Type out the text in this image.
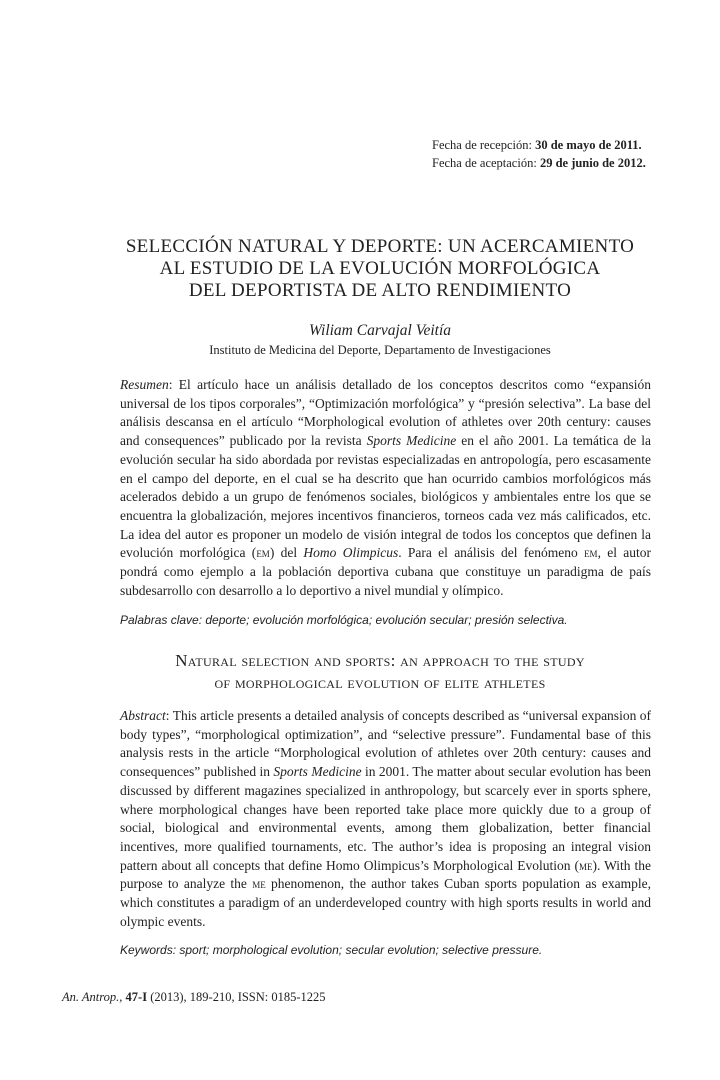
Fecha de recepción: 30 de mayo de 2011.
Fecha de aceptación: 29 de junio de 2012.
SELECCIÓN NATURAL Y DEPORTE: UN ACERCAMIENTO
AL ESTUDIO DE LA EVOLUCIÓN MORFOLÓGICA
DEL DEPORTISTA DE ALTO RENDIMIENTO
Wiliam Carvajal Veitía
Instituto de Medicina del Deporte, Departamento de Investigaciones
Resumen: El artículo hace un análisis detallado de los conceptos descritos como “expansión universal de los tipos corporales”, “Optimización morfológica” y “presión selectiva”. La base del análisis descansa en el artículo “Morphological evolution of athletes over 20th century: causes and consequences” publicado por la revista Sports Medicine en el año 2001. La temática de la evolución secular ha sido abordada por revistas especializadas en antropología, pero escasamente en el campo del deporte, en el cual se ha descrito que han ocurrido cambios morfológicos más acelerados debido a un grupo de fenómenos sociales, biológicos y ambientales entre los que se encuentra la globalización, mejores incentivos financieros, torneos cada vez más calificados, etc. La idea del autor es proponer un modelo de visión integral de todos los conceptos que definen la evolución morfológica (em) del Homo Olimpicus. Para el análisis del fenómeno em, el autor pondrá como ejemplo a la población deportiva cubana que constituye un paradigma de país subdesarrollo con desarrollo a lo deportivo a nivel mundial y olímpico.
Palabras clave: deporte; evolución morfológica; evolución secular; presión selectiva.
Natural selection and sports: an approach to the study
of morphological evolution of elite athletes
Abstract: This article presents a detailed analysis of concepts described as “universal expansion of body types”, “morphological optimization”, and “selective pressure”. Fundamental base of this analysis rests in the article “Morphological evolution of athletes over 20th century: causes and consequences” published in Sports Medicine in 2001. The matter about secular evolution has been discussed by different magazines specialized in anthropology, but scarcely ever in sports sphere, where morphological changes have been reported take place more quickly due to a group of social, biological and environmental events, among them globalization, better financial incentives, more qualified tournaments, etc. The author’s idea is proposing an integral vision pattern about all concepts that define Homo Olimpicus’s Morphological Evolution (me). With the purpose to analyze the me phenomenon, the author takes Cuban sports population as example, which constitutes a paradigm of an underdeveloped country with high sports results in world and olympic events.
Keywords: sport; morphological evolution; secular evolution; selective pressure.
An. Antrop., 47-I (2013), 189-210, ISSN: 0185-1225
